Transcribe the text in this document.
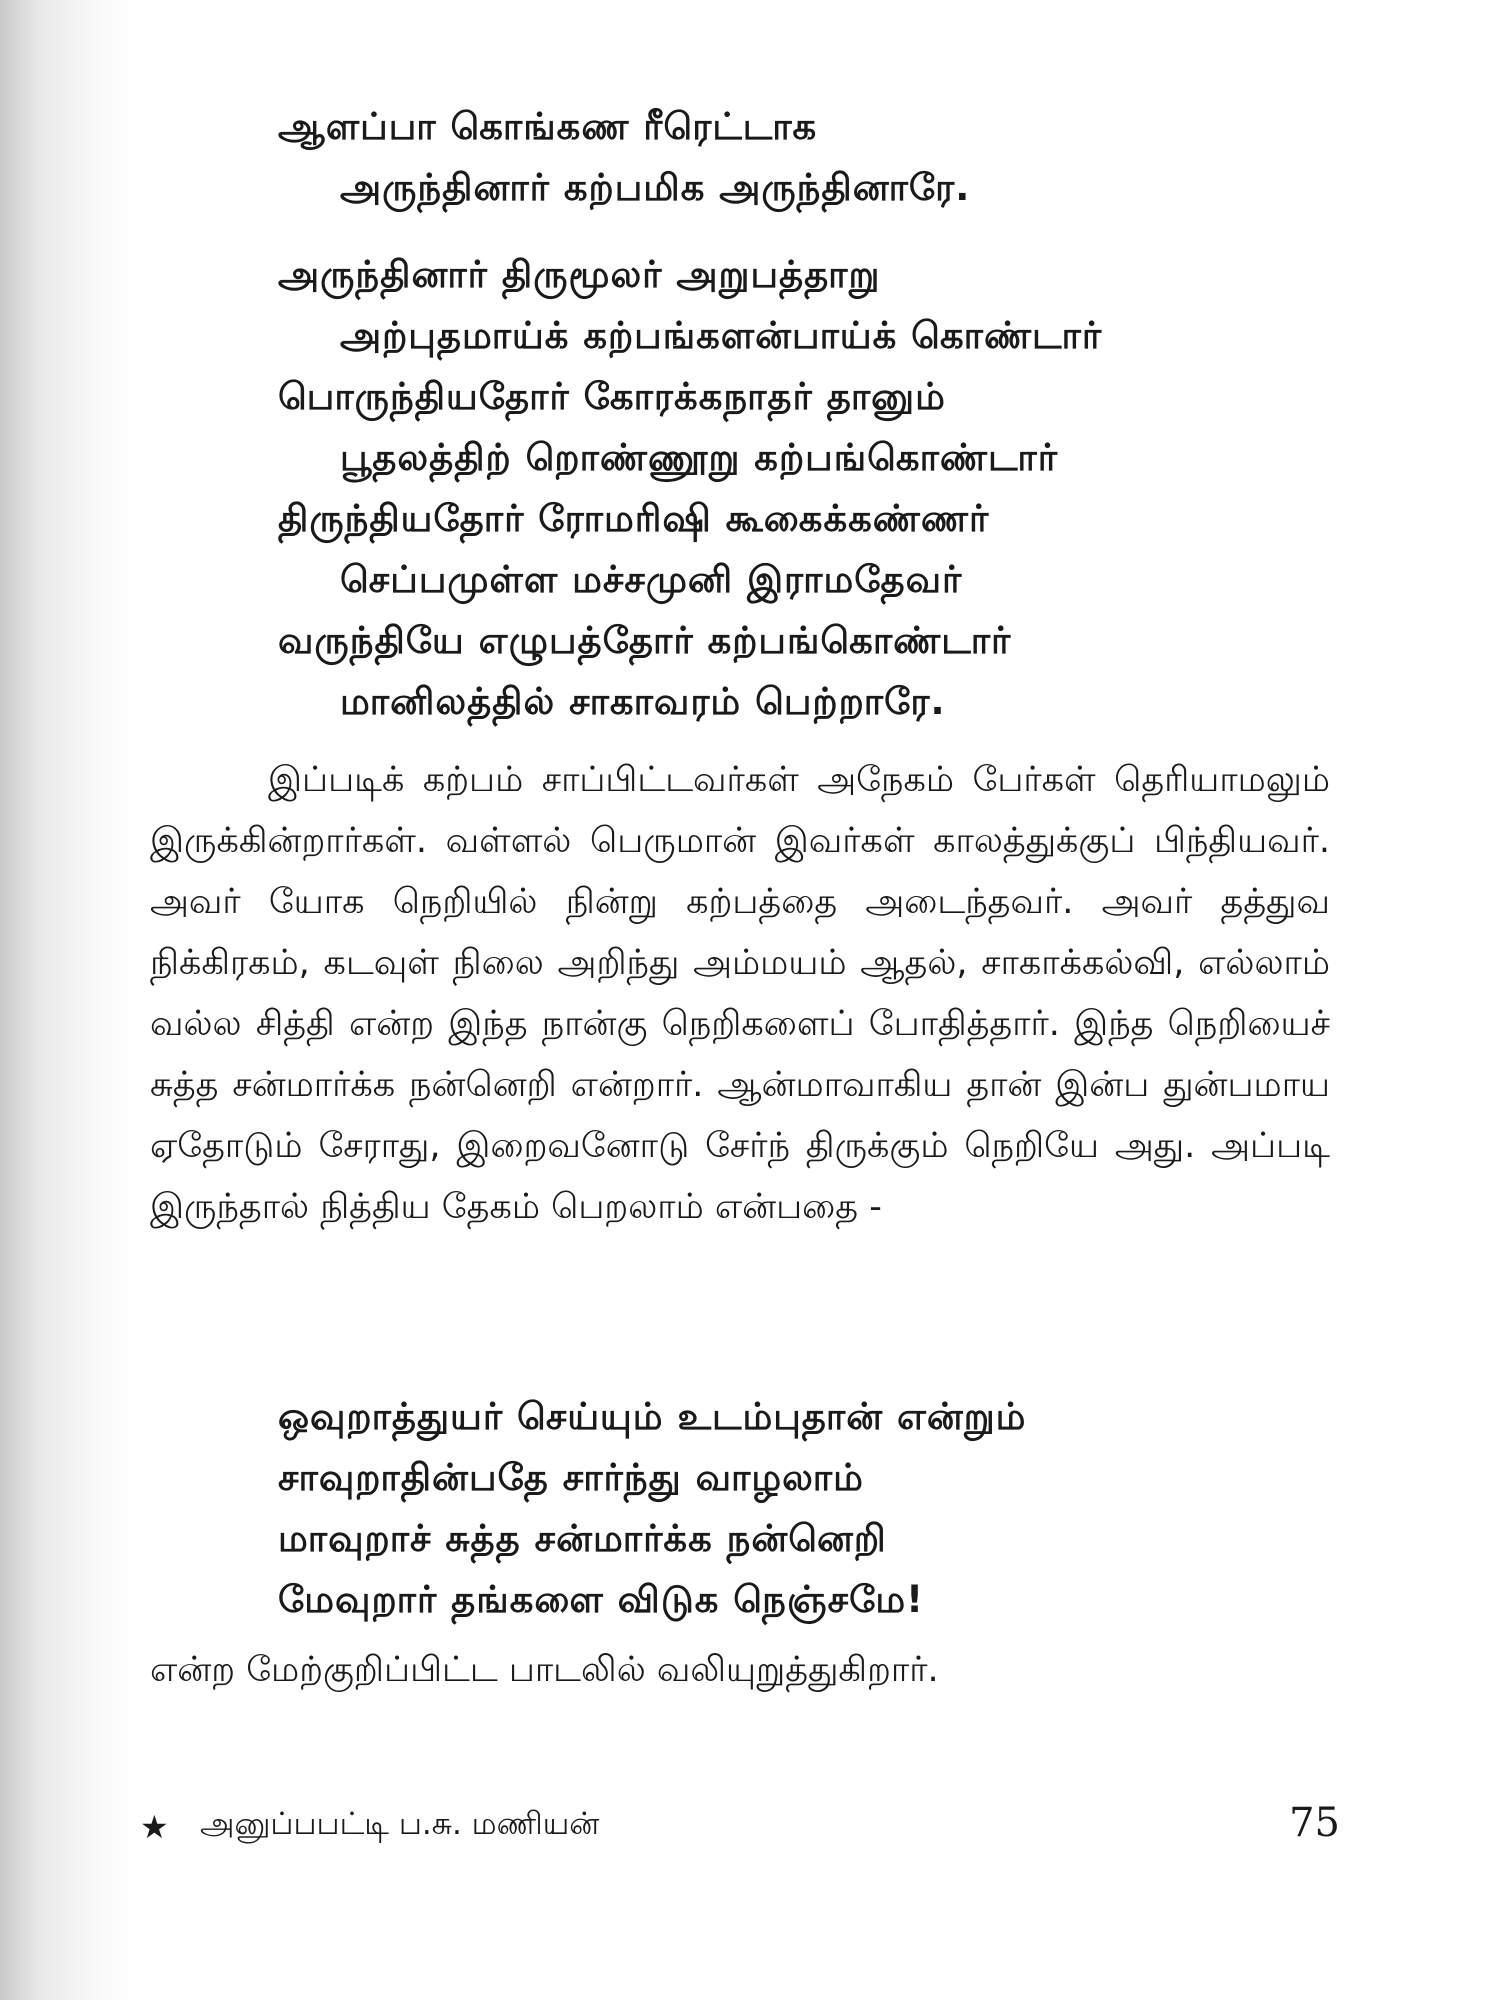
ஆளப்பா கொங்கண ரீரெட்டாக
அருந்தினார் கற்பமிக அருந்தினாரே.
அருந்தினார் திருமூலர் அறுபத்தாறு
அற்புதமாய்க் கற்பங்களன்பாய்க் கொண்டார்
பொருந்தியதோர் கோரக்கநாதர் தானும்
பூதலத்திற் றொண்ணூறு கற்பங்கொண்டார்
திருந்தியதோர் ரோமரிஷி கூகைக்கண்ணர்
செப்பமுள்ள மச்சமுனி இராமதேவர்
வருந்தியே எழுபத்தோர் கற்பங்கொண்டார்
மானிலத்தில் சாகாவரம் பெற்றாரே.
இப்படிக் கற்பம் சாப்பிட்டவர்கள் அநேகம் பேர்கள் தெரியாமலும் இருக்கின்றார்கள். வள்ளல் பெருமான் இவர்கள் காலத்துக்குப் பிந்தியவர். அவர் யோக நெறியில் நின்று கற்பத்தை அடைந்தவர். அவர் தத்துவ நிக்கிரகம், கடவுள் நிலை அறிந்து அம்மயம் ஆதல், சாகாக்கல்வி, எல்லாம் வல்ல சித்தி என்ற இந்த நான்கு நெறிகளைப் போதித்தார். இந்த நெறியைச் சுத்த சன்மார்க்க நன்னெறி என்றார். ஆன்மாவாகிய தான் இன்ப துன்பமாய ஏதோடும் சேராது, இறைவனோடு சேர்ந் திருக்கும் நெறியே அது. அப்படி இருந்தால் நித்திய தேகம் பெறலாம் என்பதை -
ஒவுறாத்துயர் செய்யும் உடம்புதான் என்றும்
சாவுறாதின்பதே சார்ந்து வாழலாம்
மாவுறாச் சுத்த சன்மார்க்க நன்னெறி
மேவுறார் தங்களை விடுக நெஞ்சமே!
என்ற மேற்குறிப்பிட்ட பாடலில் வலியுறுத்துகிறார்.
★ அனுப்பபட்டி ப.சு. மணியன்	75
